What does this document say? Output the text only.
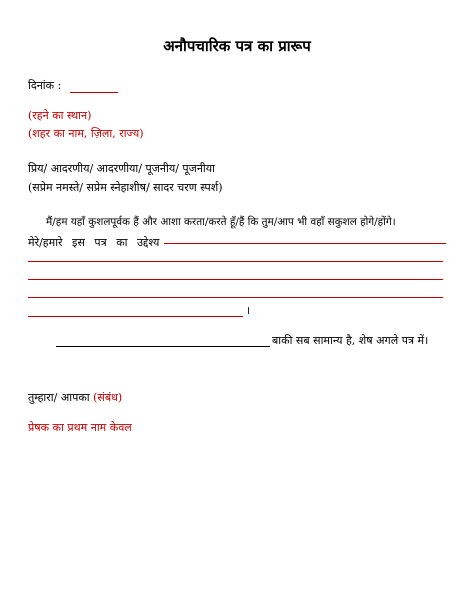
अनौपचारिक पत्र का प्रारूप
दिनांक :
(रहने का स्थान)
(शहर का नाम, ज़िला, राज्य)
प्रिय/ आदरणीय/ आदरणीया/ पूजनीय/ पूजनीया
(सप्रेम नमस्ते/ सप्रेम स्नेहाशीष/ सादर चरण स्पर्श)
मैं/हम यहाँ कुशलपूर्वक हैं और आशा करता/करते हूँ/हैं कि तुम/आप भी वहाँ सकुशल होगे/होंगे।
मेरे/हमारे इस पत्र का उद्देश्य
।
बाकी सब सामान्य है, शेष अगले पत्र में।
तुम्हारा/ आपका (संबंध)
प्रेषक का प्रथम नाम केवल
